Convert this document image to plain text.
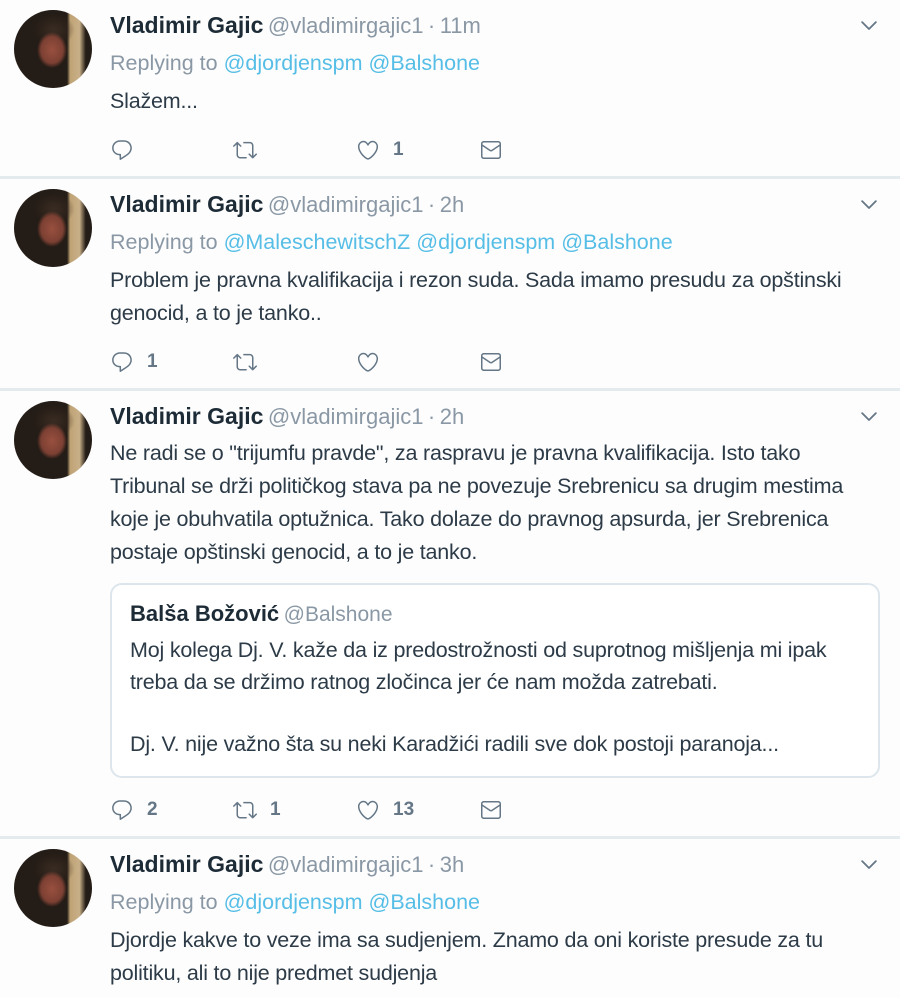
Vladimir Gajic @vladimirgajic1 · 11m
Replying to @djordjenspm @Balshone
Slažem...
1
Vladimir Gajic @vladimirgajic1 · 2h
Replying to @MaleschewitschZ @djordjenspm @Balshone
Problem je pravna kvalifikacija i rezon suda. Sada imamo presudu za opštinski genocid, a to je tanko..
1
Vladimir Gajic @vladimirgajic1 · 2h
Ne radi se o "trijumfu pravde", za raspravu je pravna kvalifikacija. Isto tako Tribunal se drži političkog stava pa ne povezuje Srebrenicu sa drugim mestima koje je obuhvatila optužnica. Tako dolaze do pravnog apsurda, jer Srebrenica postaje opštinski genocid, a to je tanko.
Balša Božović @Balshone

Moj kolega Dj. V. kaže da iz predostrožnosti od suprotnog mišljenja mi ipak treba da se držimo ratnog zločinca jer će nam možda zatrebati.

Dj. V. nije važno šta su neki Karadžići radili sve dok postoji paranoja...

2	1	13
Vladimir Gajic @vladimirgajic1 · 3h
Replying to @djordjenspm @Balshone
Djordje kakve to veze ima sa sudjenjem. Znamo da oni koriste presude za tu politiku, ali to nije predmet sudjenja
